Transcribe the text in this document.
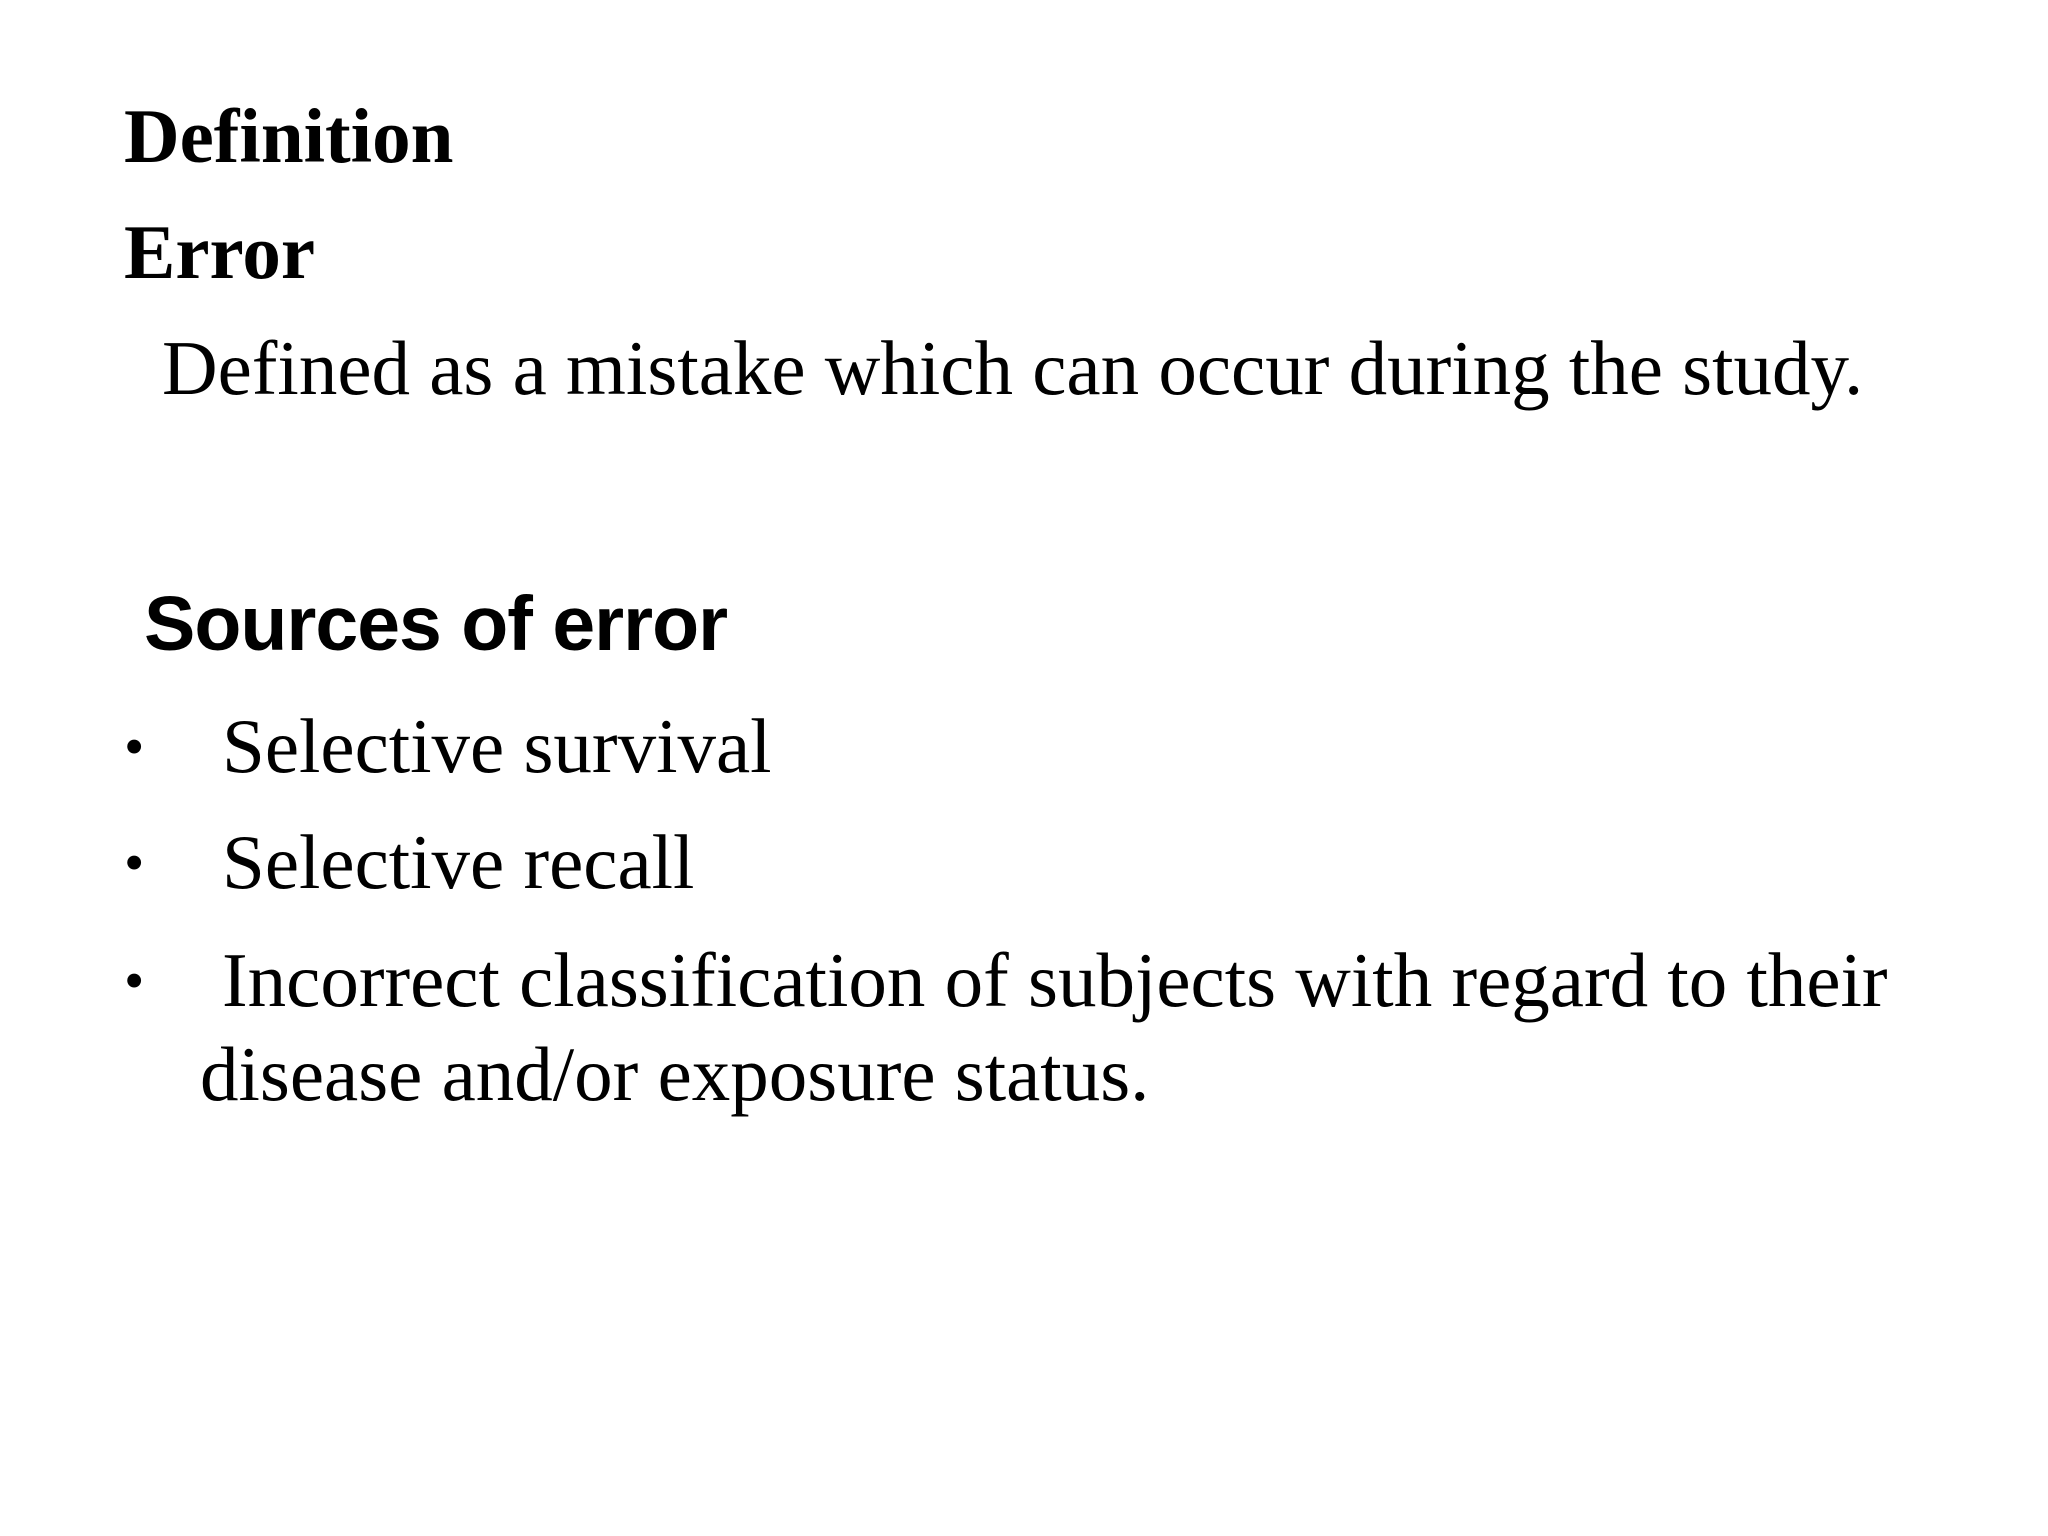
Definition
Error
Defined as a mistake which can occur during the study.
Sources of error
• Selective survival
• Selective recall
• Incorrect classification of subjects with regard to their
disease and/or exposure status.
